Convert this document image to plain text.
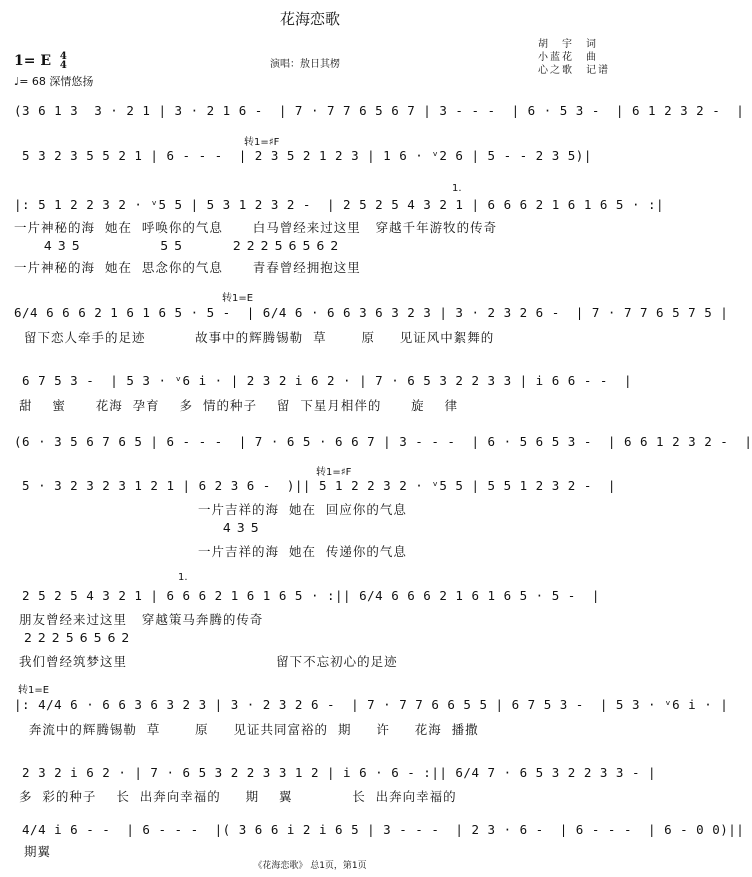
花海恋歌
1= E 4
4
♩= 68 深情悠扬
演唱：敖日其楞
胡　宇　词
小蓝花　曲
心之歌　记谱
(3 6 1 3  3 · 2 1 | 3 · 2 1 6 -  | 7 · 7 7 6 5 6 7 | 3 - - -  | 6 · 5 3 -  | 6 1 2 3 2 -  |
5 3 2 3 5 5 2 1 | 6 - - -  | 2 3 5 2 1 2 3 | 1 6 · ᵛ2 6 | 5 - - 2 3 5)|
转1=♯F
|: 5 1 2 2 3 2 · ᵛ5 5 | 5 3 1 2 3 2 -  | 2 5 2 5 4 3 2 1 | 6 6 6 2 1 6 1 6 5 · :|
1.
一片神秘的海  她在  呼唤你的气息      白马曾经来过这里   穿越千年游牧的传奇
4 3 5                5 5          2 2 2 5 6 5 6 2
一片神秘的海  她在  思念你的气息      青春曾经拥抱这里
6/4 6 6 6 2 1 6 1 6 5 · 5 -  | 6/4 6 · 6 6 3 6 3 2 3 | 3 · 2 3 2 6 -  | 7 · 7 7 6 5 7 5 |
转1=E
留下恋人牵手的足迹          故事中的辉腾锡勒  草       原     见证风中絮舞的
6 7 5 3 -  | 5 3 · ᵛ6 i · | 2 3 2 i 6 2 · | 7 · 6 5 3 2 2 3 3 | i 6 6 - -  |
甜    蜜      花海  孕育    多  情的种子    留  下星月相伴的      旋    律
(6 · 3 5 6 7 6 5 | 6 - - -  | 7 · 6 5 · 6 6 7 | 3 - - -  | 6 · 5 6 5 3 -  | 6 6 1 2 3 2 -  |
5 · 3 2 3 2 3 1 2 1 | 6 2 3 6 -  )|| 5 1 2 2 3 2 · ᵛ5 5 | 5 5 1 2 3 2 -  |
转1=♯F
一片吉祥的海  她在  回应你的气息
4 3 5
一片吉祥的海  她在  传递你的气息
2 5 2 5 4 3 2 1 | 6 6 6 2 1 6 1 6 5 · :|| 6/4 6 6 6 2 1 6 1 6 5 · 5 -  |
1.
朋友曾经来过这里   穿越策马奔腾的传奇
2 2 2 5 6 5 6 2
我们曾经筑梦这里                              留下不忘初心的足迹
|: 4/4 6 · 6 6 3 6 3 2 3 | 3 · 2 3 2 6 -  | 7 · 7 7 6 6 5 5 | 6 7 5 3 -  | 5 3 · ᵛ6 i · |
转1=E
奔流中的辉腾锡勒  草       原     见证共同富裕的  期     许     花海  播撒
2 3 2 i 6 2 · | 7 · 6 5 3 2 2 3 3 1 2 | i 6 · 6 - :|| 6/4 7 · 6 5 3 2 2 3 3 - |
多  彩的种子    长  出奔向幸福的     期    翼            长  出奔向幸福的
4/4 i 6 - -  | 6 - - -  |( 3 6 6 i 2 i 6 5 | 3 - - -  | 2 3 · 6 -  | 6 - - -  | 6 - 0 0)||
期翼
《花海恋歌》 总1页，第1页
